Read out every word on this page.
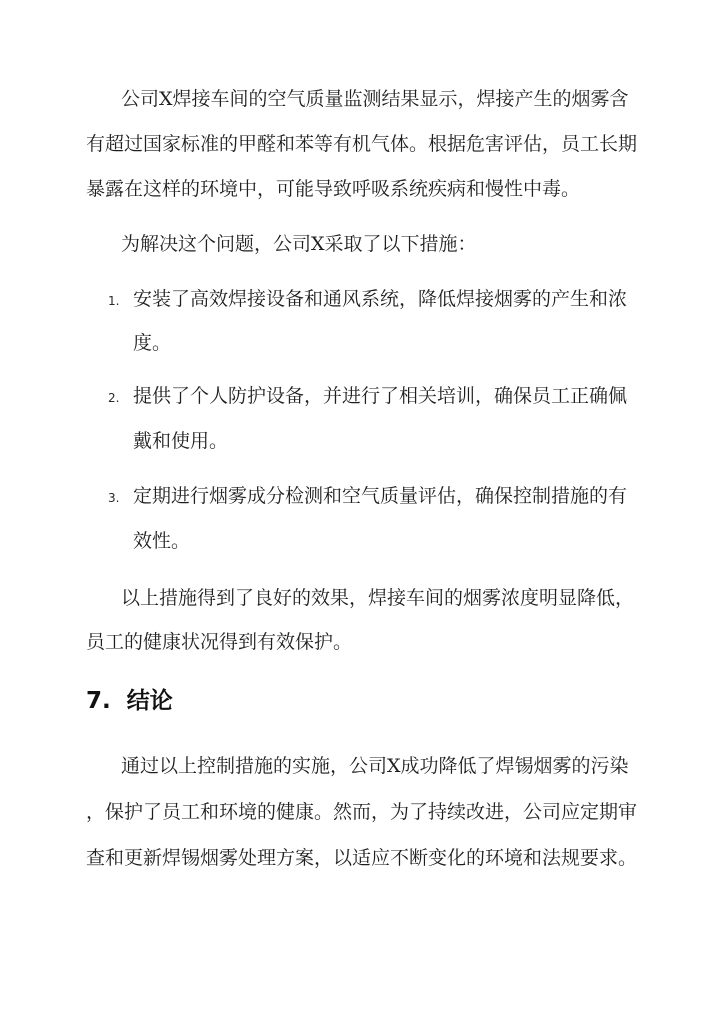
公司X焊接车间的空气质量监测结果显示，焊接产生的烟雾含
有超过国家标准的甲醛和苯等有机气体。根据危害评估，员工长期
暴露在这样的环境中，可能导致呼吸系统疾病和慢性中毒。
为解决这个问题，公司X采取了以下措施：
1. 安装了高效焊接设备和通风系统，降低焊接烟雾的产生和浓
度。
2. 提供了个人防护设备，并进行了相关培训，确保员工正确佩
戴和使用。
3. 定期进行烟雾成分检测和空气质量评估，确保控制措施的有
效性。
以上措施得到了良好的效果，焊接车间的烟雾浓度明显降低，
员工的健康状况得到有效保护。
7. 结论
通过以上控制措施的实施，公司X成功降低了焊锡烟雾的污染
，保护了员工和环境的健康。然而，为了持续改进，公司应定期审
查和更新焊锡烟雾处理方案，以适应不断变化的环境和法规要求。
